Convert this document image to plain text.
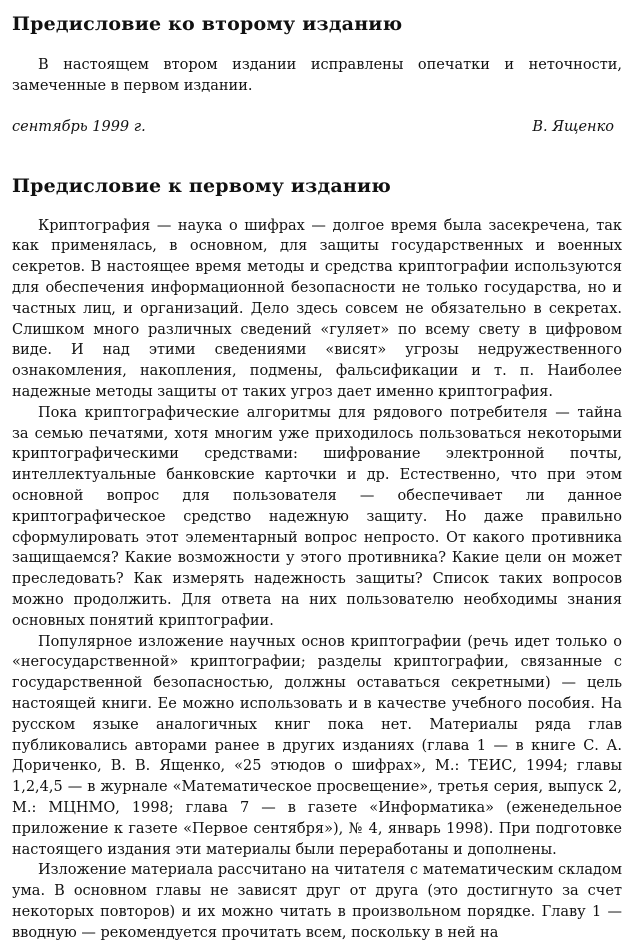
Предисловие ко второму изданию

В настоящем втором издании исправлены опечатки и неточности, замеченные в первом издании.

сентябрь 1999 г.	В. Ященко
Предисловие к первому изданию

Криптография — наука о шифрах — долгое время была засекречена, так как применялась, в основном, для защиты государственных и военных секретов. В настоящее время методы и средства криптографии используются для обеспечения информационной безопасности не только государства, но и частных лиц, и организаций. Дело здесь совсем не обязательно в секретах. Слишком много различных сведений «гуляет» по всему свету в цифровом виде. И над этими сведениями «висят» угрозы недружественного ознакомления, накопления, подмены, фальсификации и т. п. Наиболее надежные методы защиты от таких угроз дает именно криптография.

Пока криптографические алгоритмы для рядового потребителя — тайна за семью печатями, хотя многим уже приходилось пользоваться некоторыми криптографическими средствами: шифрование электронной почты, интеллектуальные банковские карточки и др. Естественно, что при этом основной вопрос для пользователя — обеспечивает ли данное криптографическое средство надежную защиту. Но даже правильно сформулировать этот элементарный вопрос непросто. От какого противника защищаемся? Какие возможности у этого противника? Какие цели он может преследовать? Как измерять надежность защиты? Список таких вопросов можно продолжить. Для ответа на них пользователю необходимы знания основных понятий криптографии.

Популярное изложение научных основ криптографии (речь идет только о «негосударственной» криптографии; разделы криптографии, связанные с государственной безопасностью, должны оставаться секретными) — цель настоящей книги. Ее можно использовать и в качестве учебного пособия. На русском языке аналогичных книг пока нет. Материалы ряда глав публиковались авторами ранее в других изданиях (глава 1 — в книге С. А. Дориченко, В. В. Ященко, «25 этюдов о шифрах», М.: ТЕИС, 1994; главы 1,2,4,5 — в журнале «Математическое просвещение», третья серия, выпуск 2, М.: МЦНМО, 1998; глава 7 — в газете «Информатика» (еженедельное приложение к газете «Первое сентября»), № 4, январь 1998). При подготовке настоящего издания эти материалы были переработаны и дополнены.

Изложение материала рассчитано на читателя с математическим складом ума. В основном главы не зависят друг от друга (это достигнуто за счет некоторых повторов) и их можно читать в произвольном порядке. Главу 1 — вводную — рекомендуется прочитать всем, поскольку в ней на
